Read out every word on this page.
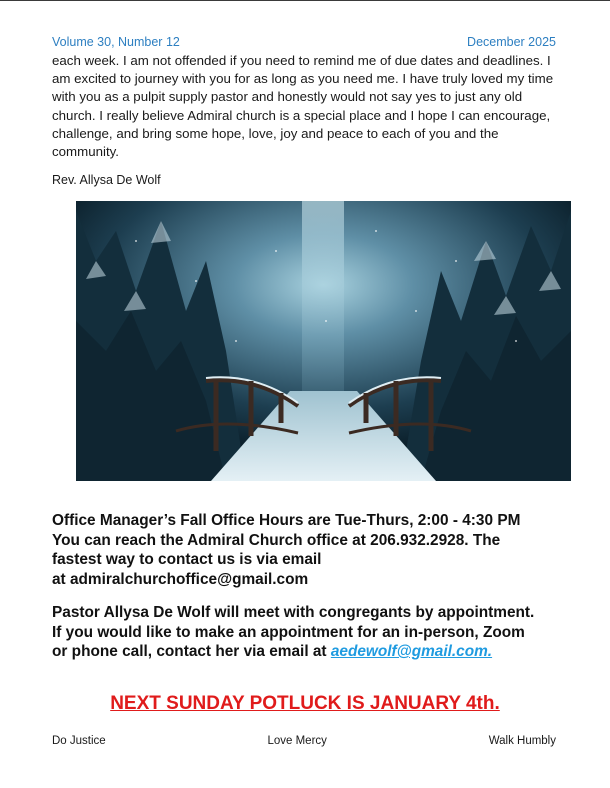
Volume 30, Number 12	December 2025
each week. I am not offended if you need to remind me of due dates and deadlines. I am excited to journey with you for as long as you need me. I have truly loved my time with you as a pulpit supply pastor and honestly would not say yes to just any old church. I really believe Admiral church is a special place and I hope I can encourage, challenge, and bring some hope, love, joy and peace to each of you and the community.
Rev. Allysa De Wolf
Office Manager’s Fall Office Hours are Tue-Thurs, 2:00 - 4:30 PM
You can reach the Admiral Church office at 206.932.2928. The
fastest way to contact us is via email
at admiralchurchoffice@gmail.com
Pastor Allysa De Wolf will meet with congregants by appointment.
If you would like to make an appointment for an in-person, Zoom
or phone call, contact her via email at aedewolf@gmail.com.
NEXT SUNDAY POTLUCK IS JANUARY 4th.
Do Justice	Love Mercy	Walk Humbly
